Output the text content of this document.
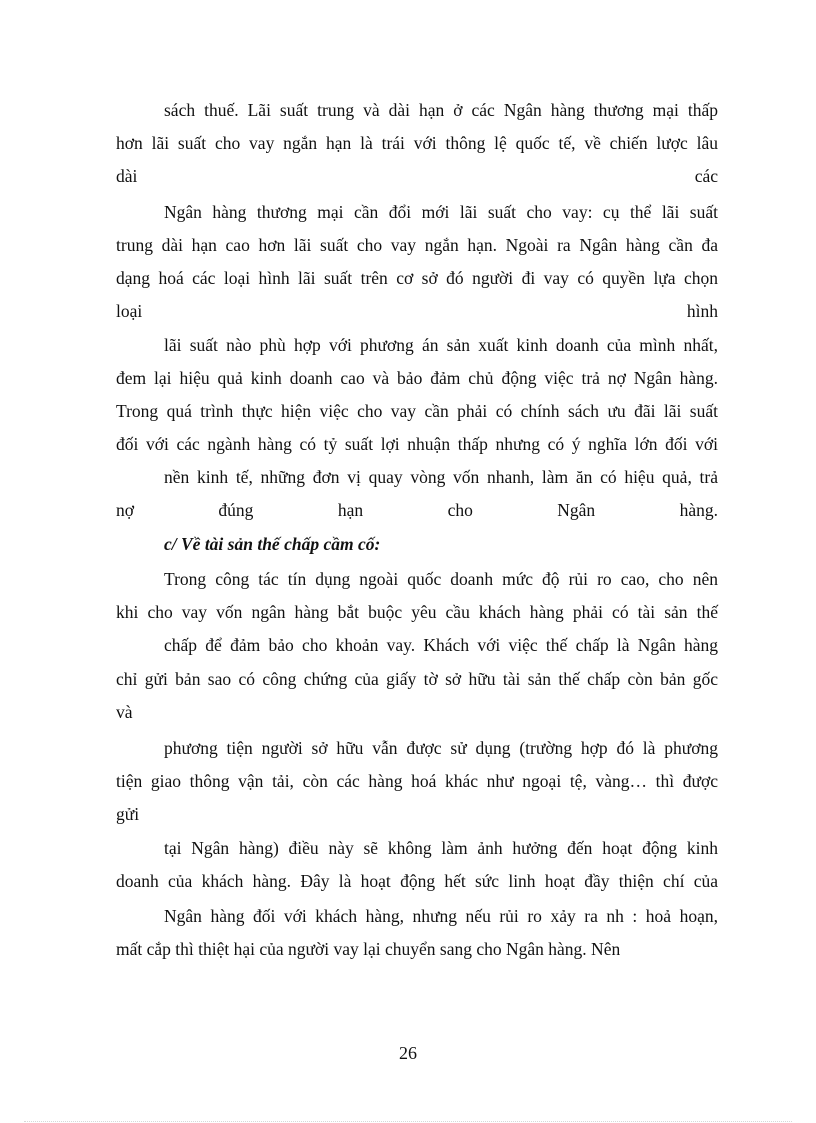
sách thuế. Lãi suất trung và dài hạn ở các Ngân hàng thương mại thấp
hơn lãi suất cho vay ngắn hạn là trái với thông lệ quốc tế, về chiến lược lâu
dài	các
Ngân hàng thương mại cần đổi mới lãi suất cho vay: cụ thể lãi suất
trung dài hạn cao hơn lãi suất cho vay ngắn hạn. Ngoài ra Ngân hàng cần đa
dạng hoá các loại hình lãi suất trên cơ sở đó người đi vay có quyền lựa chọn
loại	hình
lãi suất nào phù hợp với phương án sản xuất kinh doanh của mình nhất,
đem lại hiệu quả kinh doanh cao và bảo đảm chủ động việc trả nợ Ngân hàng.
Trong quá trình thực hiện việc cho vay cần phải có chính sách ưu đãi lãi suất
đối với các ngành hàng có tỷ suất lợi nhuận thấp nhưng có ý nghĩa lớn đối với
nền kinh tế, những đơn vị quay vòng vốn nhanh, làm ăn có hiệu quả, trả
nợ đúng hạn cho Ngân hàng.
c/ Về tài sản thế chấp cầm cố:
Trong công tác tín dụng ngoài quốc doanh mức độ rủi ro cao, cho nên
khi cho vay vốn ngân hàng bắt buộc yêu cầu khách hàng phải có tài sản thế
chấp để đảm bảo cho khoản vay. Khách với việc thế chấp là Ngân hàng
chỉ gửi bản sao có công chứng của giấy tờ sở hữu tài sản thế chấp còn bản gốc
và
phương tiện người sở hữu vẫn được sử dụng (trường hợp đó là phương
tiện giao thông vận tải, còn các hàng hoá khác như ngoại tệ, vàng… thì được
gửi
tại Ngân hàng) điều này sẽ không làm ảnh hưởng đến hoạt động kinh
doanh của khách hàng. Đây là hoạt động hết sức linh hoạt đầy thiện chí của
Ngân hàng đối với khách hàng, nhưng nếu rủi ro xảy ra nh : hoả hoạn,
mất cắp thì thiệt hại của người vay lại chuyển sang cho Ngân hàng. Nên
26
